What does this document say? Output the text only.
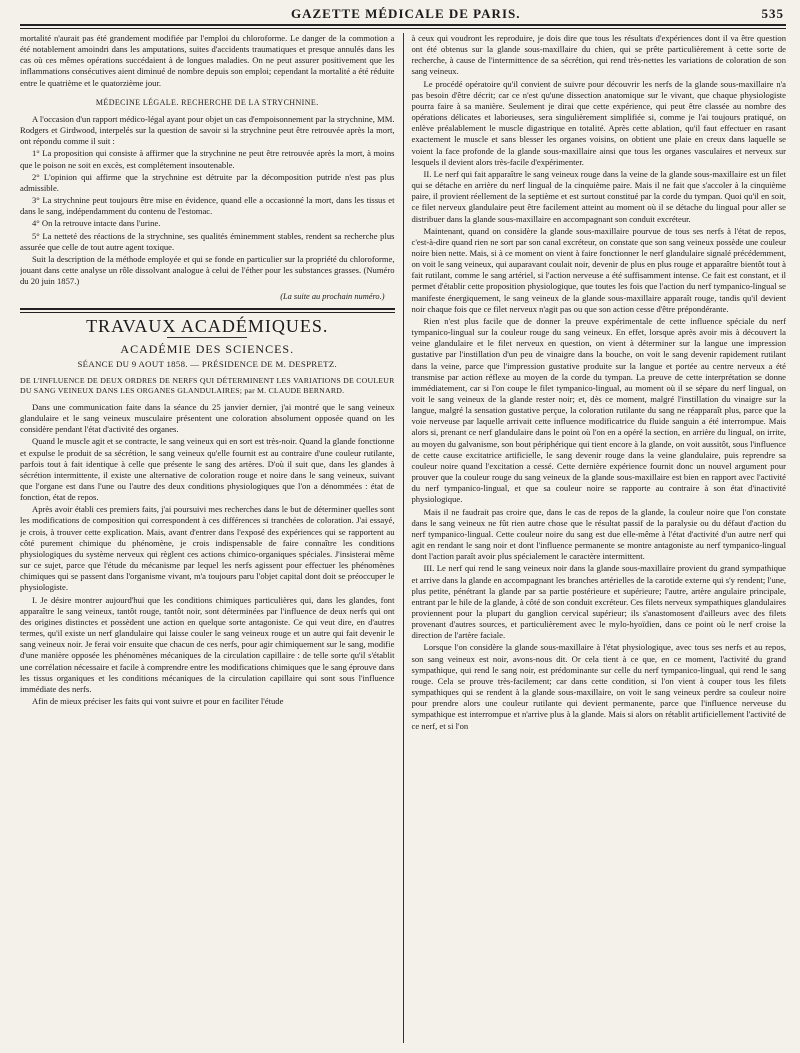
GAZETTE MÉDICALE DE PARIS.	535

mortalité n'aurait pas été grandement modifiée par l'emploi du chloroforme. Le danger de la commotion a été notablement amoindri dans les amputations, suites d'accidents traumatiques et presque annulés dans les cas où ces mêmes opérations succédaient à de longues maladies. On ne peut assurer positivement que les inflammations consécutives aient diminué de nombre depuis son emploi; cependant la mortalité a été réduite entre le quatrième et le quatorzième jour.

MÉDECINE LÉGALE. RECHERCHE DE LA STRYCHNINE.

A l'occasion d'un rapport médico-légal ayant pour objet un cas d'empoisonnement par la strychnine, MM. Rodgers et Girdwood, interpelés sur la question de savoir si la strychnine peut être retrouvée après la mort, ont répondu comme il suit :

1° La proposition qui consiste à affirmer que la strychnine ne peut être retrouvée après la mort, à moins que le poison ne soit en excès, est complétement insoutenable.

2° L'opinion qui affirme que la strychnine est détruite par la décomposition putride n'est pas plus admissible.

3° La strychnine peut toujours être mise en évidence, quand elle a occasionné la mort, dans les tissus et dans le sang, indépendamment du contenu de l'estomac.

4° On la retrouve intacte dans l'urine.

5° La netteté des réactions de la strychnine, ses qualités éminemment stables, rendent sa recherche plus assurée que celle de tout autre agent toxique.

Suit la description de la méthode employée et qui se fonde en particulier sur la propriété du chloroforme, jouant dans cette analyse un rôle dissolvant analogue à celui de l'éther pour les substances grasses. (Numéro du 20 juin 1857.)

(La suite au prochain numéro.)
TRAVAUX ACADÉMIQUES.
ACADÉMIE DES SCIENCES.
SÉANCE DU 9 AOUT 1858. — PRÉSIDENCE DE M. DESPRETZ.
DE L'INFLUENCE DE DEUX ORDRES DE NERFS QUI DÉTERMINENT LES VARIATIONS DE COULEUR DU SANG VEINEUX DANS LES ORGANES GLANDULAIRES; par M. CLAUDE BERNARD.

Dans une communication faite dans la séance du 25 janvier dernier, j'ai montré que le sang veineux glandulaire et le sang veineux musculaire présentent une coloration absolument opposée quand on les considère pendant l'état d'activité des organes.

Quand le muscle agit et se contracte, le sang veineux qui en sort est très-noir. Quand la glande fonctionne et expulse le produit de sa sécrétion, le sang veineux qu'elle fournit est au contraire d'une couleur rutilante, parfois tout à fait identique à celle que présente le sang des artères. D'où il suit que, dans les glandes à sécrétion intermittente, il existe une alternative de coloration rouge et noire dans le sang veineux, suivant que l'organe est dans l'une ou l'autre des deux conditions physiologiques que l'on a dénommées : état de fonction, état de repos.

Après avoir établi ces premiers faits, j'ai poursuivi mes recherches dans le but de déterminer quelles sont les modifications de composition qui correspondent à ces différences si tranchées de coloration. J'ai essayé, je crois, à trouver cette explication. Mais, avant d'entrer dans l'exposé des expériences qui se rapportent au côté purement chimique du phénomène, je crois indispensable de faire connaître les conditions physiologiques du système nerveux qui règlent ces actions chimico-organiques spéciales. J'insisterai même sur ce sujet, parce que l'étude du mécanisme par lequel les nerfs agissent pour effectuer les phénomènes chimiques qui se passent dans l'organisme vivant, m'a toujours paru l'objet capital dont doit se préoccuper le physiologiste.

I. Je désire montrer aujourd'hui que les conditions chimiques particulières qui, dans les glandes, font apparaître le sang veineux, tantôt rouge, tantôt noir, sont déterminées par l'influence de deux nerfs qui ont des origines distinctes et possèdent une action en quelque sorte antagoniste. Ce qui veut dire, en d'autres termes, qu'il existe un nerf glandulaire qui laisse couler le sang veineux rouge et un autre qui fait devenir le sang veineux noir. Je ferai voir ensuite que chacun de ces nerfs, pour agir chimiquement sur le sang, modifie d'une manière opposée les phénomènes mécaniques de la circulation capillaire : de telle sorte qu'il s'établit une corrélation nécessaire et facile à comprendre entre les modifications chimiques que le sang éprouve dans les tissus organiques et les conditions mécaniques de la circulation capillaire qui sont sous l'influence immédiate des nerfs.

Afin de mieux préciser les faits qui vont suivre et pour en faciliter l'étude

à ceux qui voudront les reproduire, je dois dire que tous les résultats d'expériences dont il va être question ont été obtenus sur la glande sous-maxillaire du chien, qui se prête particulièrement à cette sorte de recherche, à cause de l'intermittence de sa sécrétion, qui rend très-nettes les variations de coloration de son sang veineux.

Le procédé opératoire qu'il convient de suivre pour découvrir les nerfs de la glande sous-maxillaire n'a pas besoin d'être décrit; car ce n'est qu'une dissection anatomique sur le vivant, que chaque physiologiste pourra faire à sa manière. Seulement je dirai que cette expérience, qui peut être classée au nombre des opérations délicates et laborieuses, sera singulièrement simplifiée si, comme je l'ai toujours pratiqué, on enlève préalablement le muscle digastrique en totalité. Après cette ablation, qu'il faut effectuer en rasant exactement le muscle et sans blesser les organes voisins, on obtient une plaie en creux dans laquelle se voient la face profonde de la glande sous-maxillaire ainsi que tous les organes vasculaires et nerveux sur lesquels il devient alors très-facile d'expérimenter.

II. Le nerf qui fait apparaître le sang veineux rouge dans la veine de la glande sous-maxillaire est un filet qui se détache en arrière du nerf lingual de la cinquième paire. Mais il ne fait que s'accoler à la cinquième paire, il provient réellement de la septième et est surtout constitué par la corde du tympan. Quoi qu'il en soit, ce filet nerveux glandulaire peut être facilement atteint au moment où il se détache du lingual pour aller se distribuer dans la glande sous-maxillaire en accompagnant son conduit excréteur.

Maintenant, quand on considère la glande sous-maxillaire pourvue de tous ses nerfs à l'état de repos, c'est-à-dire quand rien ne sort par son canal excréteur, on constate que son sang veineux possède une couleur noire bien nette. Mais, si à ce moment on vient à faire fonctionner le nerf glandulaire signalé précédemment, on voit le sang veineux, qui auparavant coulait noir, devenir de plus en plus rouge et apparaître bientôt tout à fait rutilant, comme le sang artériel, si l'action nerveuse a été suffisamment intense. Ce fait est constant, et il permet d'établir cette proposition physiologique, que toutes les fois que l'action du nerf tympanico-lingual se manifeste énergiquement, le sang veineux de la glande sous-maxillaire apparaît rouge, tandis qu'il devient noir chaque fois que ce filet nerveux n'agit pas ou que son action cesse d'être prépondérante.

Rien n'est plus facile que de donner la preuve expérimentale de cette influence spéciale du nerf tympanico-lingual sur la couleur rouge du sang veineux. En effet, lorsque après avoir mis à découvert la veine glandulaire et le filet nerveux en question, on vient à déterminer sur la langue une impression gustative par l'instillation d'un peu de vinaigre dans la bouche, on voit le sang devenir rapidement rutilant dans la veine, parce que l'impression gustative produite sur la langue et portée au centre nerveux a été transmise par action réflexe au moyen de la corde du tympan. La preuve de cette interprétation se donne immédiatement, car si l'on coupe le filet tympanico-lingual, au moment où il se sépare du nerf lingual, on voit le sang veineux de la glande rester noir; et, dès ce moment, malgré l'instillation du vinaigre sur la langue, malgré la sensation gustative perçue, la coloration rutilante du sang ne réapparaît plus, parce que la voie nerveuse par laquelle arrivait cette influence modificatrice du fluide sanguin a été interrompue. Mais alors si, prenant ce nerf glandulaire dans le point où l'on en a opéré la section, en arrière du lingual, on irrite, au moyen du galvanisme, son bout périphérique qui tient encore à la glande, on voit aussitôt, sous l'influence de cette cause excitatrice artificielle, le sang devenir rouge dans la veine glandulaire, puis reprendre sa couleur noire quand l'excitation a cessé. Cette dernière expérience fournit donc un nouvel argument pour prouver que la couleur rouge du sang veineux de la glande sous-maxillaire est bien en rapport avec l'activité du nerf tympanico-lingual, et que sa couleur noire se rapporte au contraire à son état d'inactivité physiologique.

Mais il ne faudrait pas croire que, dans le cas de repos de la glande, la couleur noire que l'on constate dans le sang veineux ne fût rien autre chose que le résultat passif de la paralysie ou du défaut d'action du nerf tympanico-lingual. Cette couleur noire du sang est due elle-même à l'état d'activité d'un autre nerf qui agit en rendant le sang noir et dont l'influence permanente se montre antagoniste au nerf tympanico-lingual dont l'action paraît avoir plus spécialement le caractère intermittent.

III. Le nerf qui rend le sang veineux noir dans la glande sous-maxillaire provient du grand sympathique et arrive dans la glande en accompagnant les branches artérielles de la carotide externe qui s'y rendent; l'une, plus petite, pénétrant la glande par sa partie postérieure et supérieure; l'autre, artère angulaire principale, entrant par le hile de la glande, à côté de son conduit excréteur. Ces filets nerveux sympathiques glandulaires proviennent pour la plupart du ganglion cervical supérieur; ils s'anastomosent d'ailleurs avec des filets provenant d'autres sources, et particulièrement avec le mylo-hyoïdien, dans ce point où le nerf croise la direction de l'artère faciale.

Lorsque l'on considère la glande sous-maxillaire à l'état physiologique, avec tous ses nerfs et au repos, son sang veineux est noir, avons-nous dit. Or cela tient à ce que, en ce moment, l'activité du grand sympathique, qui rend le sang noir, est prédominante sur celle du nerf tympanico-lingual, qui rend le sang rouge. Cela se prouve très-facilement; car dans cette condition, si l'on vient à couper tous les filets sympathiques qui se rendent à la glande sous-maxillaire, on voit le sang veineux perdre sa couleur noire pour prendre alors une couleur rutilante qui devient permanente, parce que l'influence nerveuse du sympathique est interrompue et n'arrive plus à la glande. Mais si alors on rétablit artificiellement l'activité de ce nerf, et si l'on
